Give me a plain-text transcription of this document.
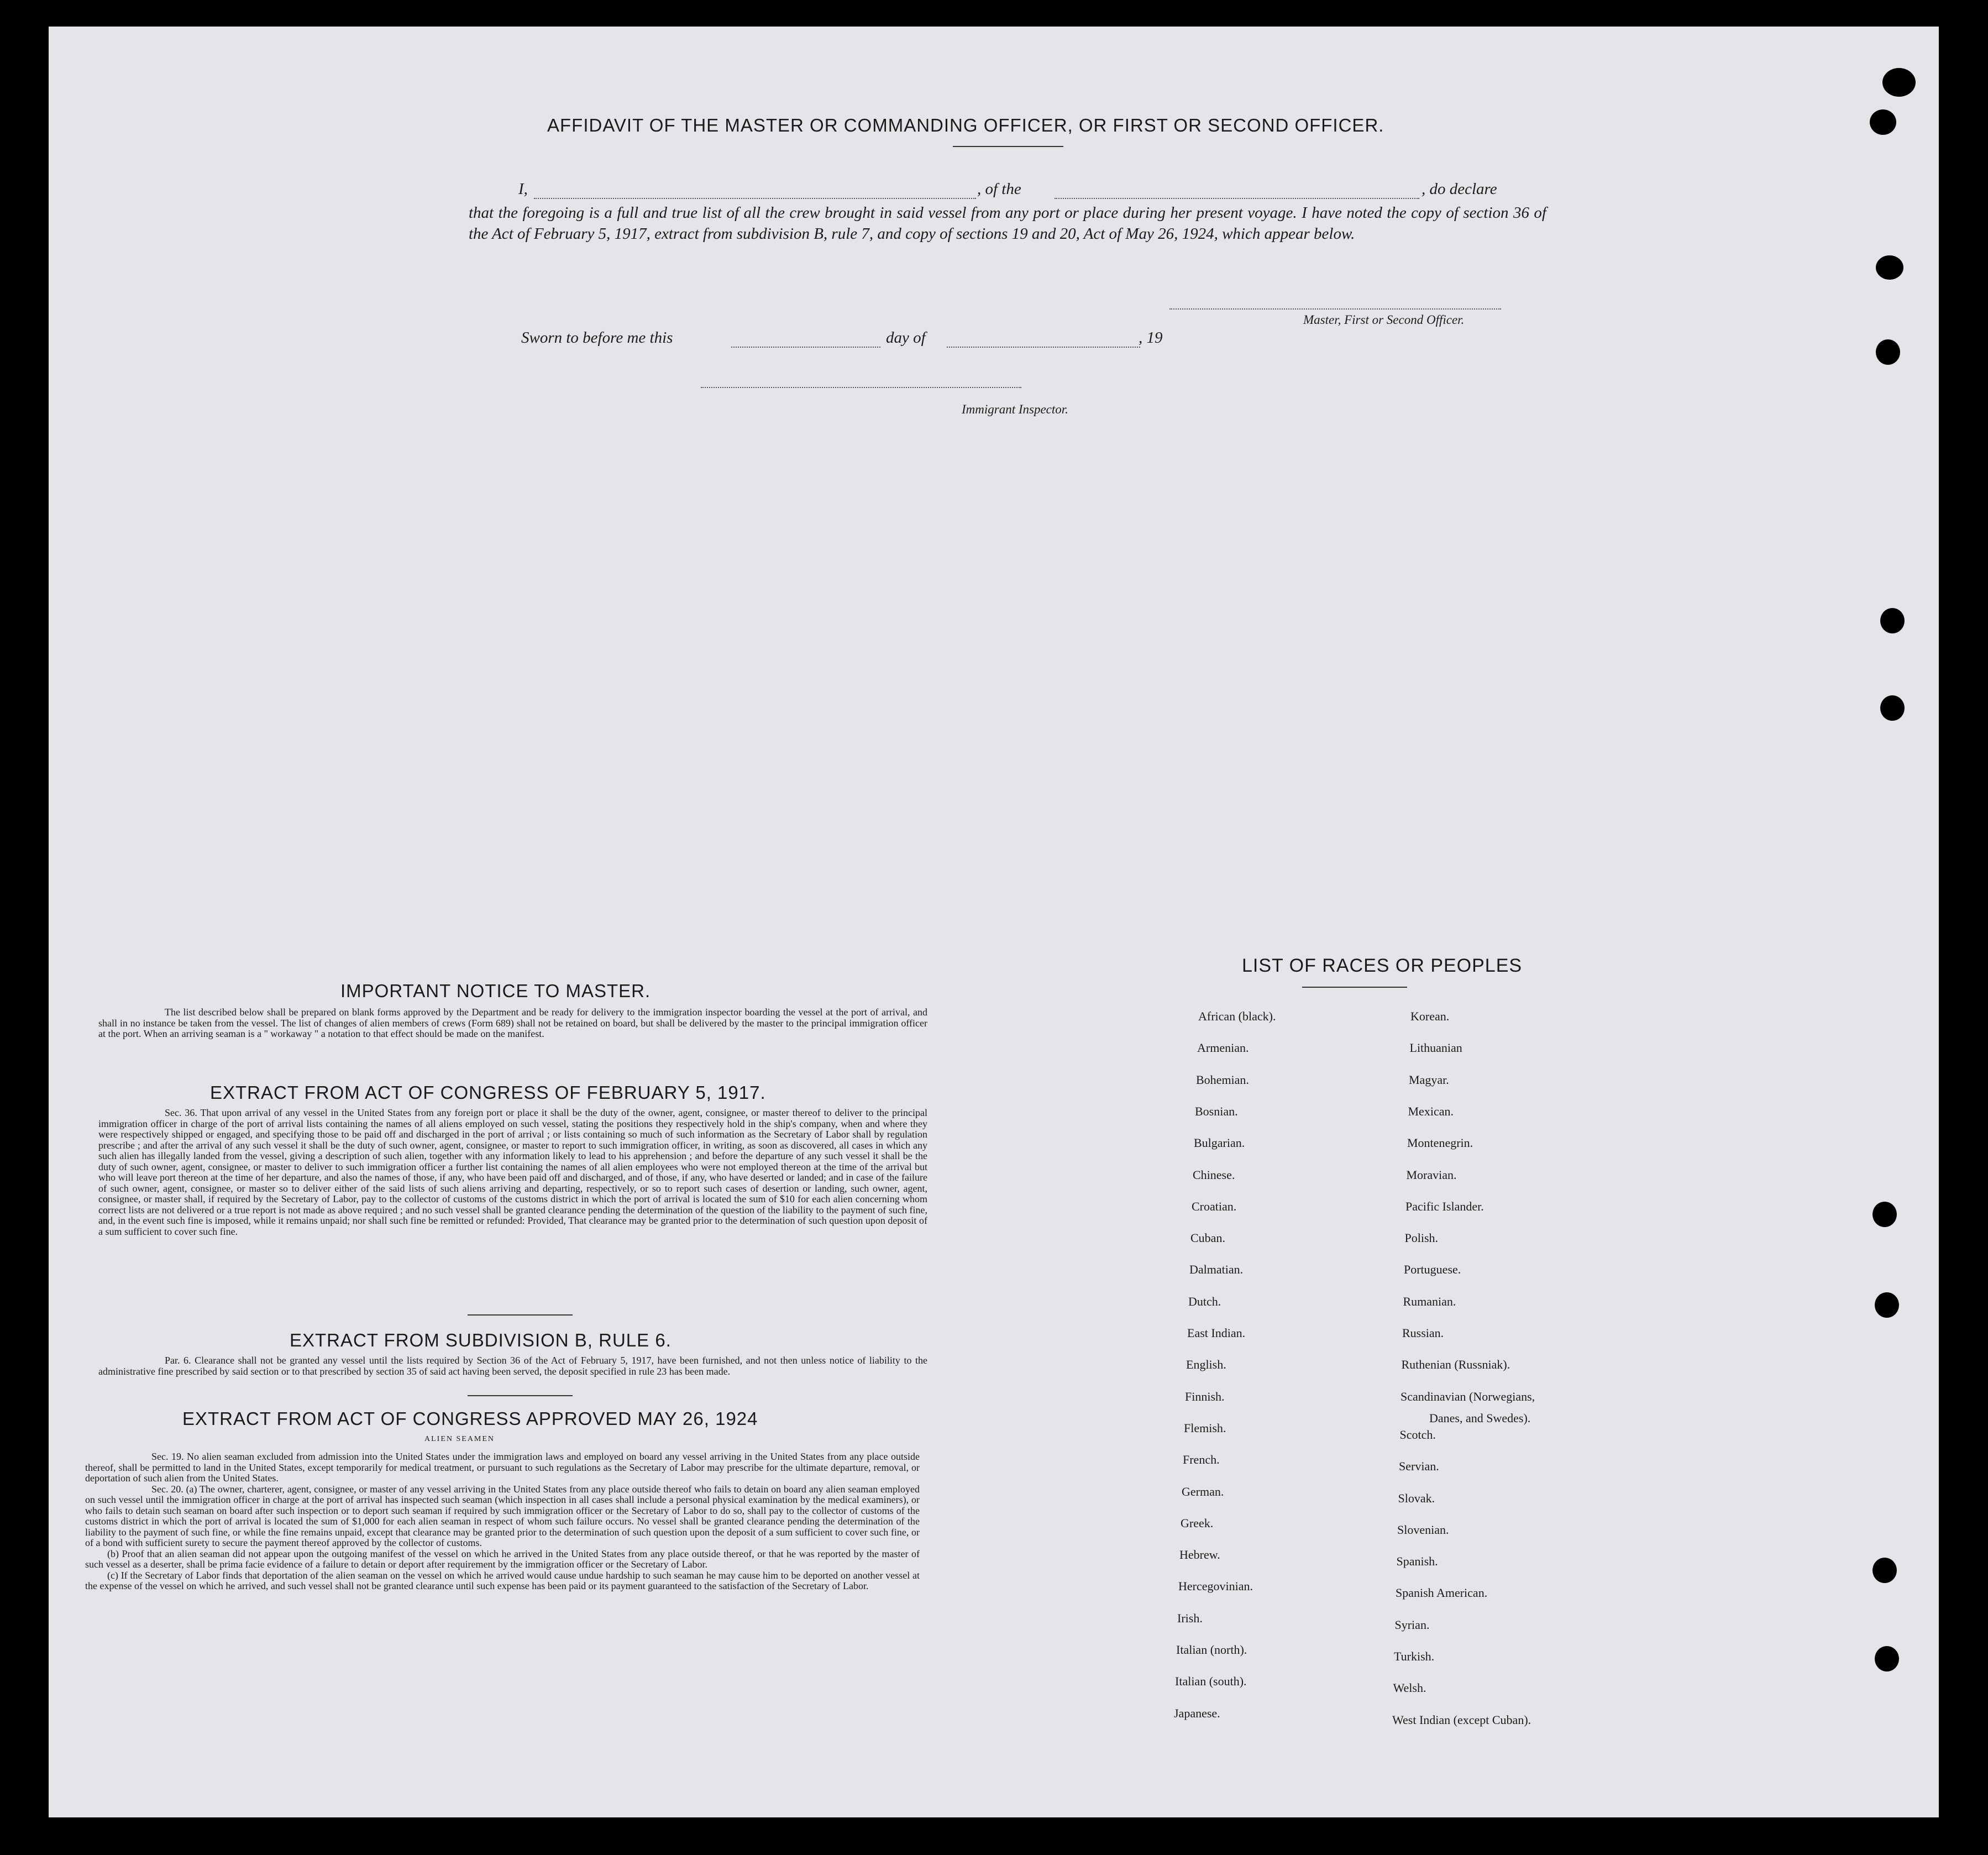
AFFIDAVIT OF THE MASTER OR COMMANDING OFFICER, OR FIRST OR SECOND OFFICER.
I,	, of the	, do declare
that the foregoing is a full and true list of all the crew brought in said vessel from any port or place during her present voyage. I have noted the copy of section 36 of the Act of February 5, 1917, extract from subdivision B, rule 7, and copy of sections 19 and 20, Act of May 26, 1924, which appear below.
Master, First or Second Officer.
Sworn to before me this	day of	, 19
Immigrant Inspector.
IMPORTANT NOTICE TO MASTER.
The list described below shall be prepared on blank forms approved by the Department and be ready for delivery to the immigration inspector boarding the vessel at the port of arrival, and shall in no instance be taken from the vessel. The list of changes of alien members of crews (Form 689) shall not be retained on board, but shall be delivered by the master to the principal immigration officer at the port. When an arriving seaman is a " workaway " a notation to that effect should be made on the manifest.
EXTRACT FROM ACT OF CONGRESS OF FEBRUARY 5, 1917.
Sec. 36. That upon arrival of any vessel in the United States from any foreign port or place it shall be the duty of the owner, agent, consignee, or master thereof to deliver to the principal immigration officer in charge of the port of arrival lists containing the names of all aliens employed on such vessel, stating the positions they respectively hold in the ship's company, when and where they were respectively shipped or engaged, and specifying those to be paid off and discharged in the port of arrival ; or lists containing so much of such information as the Secretary of Labor shall by regulation prescribe ; and after the arrival of any such vessel it shall be the duty of such owner, agent, consignee, or master to report to such immigration officer, in writing, as soon as discovered, all cases in which any such alien has illegally landed from the vessel, giving a description of such alien, together with any information likely to lead to his apprehension ; and before the departure of any such vessel it shall be the duty of such owner, agent, consignee, or master to deliver to such immigration officer a further list containing the names of all alien employees who were not employed thereon at the time of the arrival but who will leave port thereon at the time of her departure, and also the names of those, if any, who have been paid off and discharged, and of those, if any, who have deserted or landed; and in case of the failure of such owner, agent, consignee, or master so to deliver either of the said lists of such aliens arriving and departing, respectively, or so to report such cases of desertion or landing, such owner, agent, consignee, or master shall, if required by the Secretary of Labor, pay to the collector of customs of the customs district in which the port of arrival is located the sum of $10 for each alien concerning whom correct lists are not delivered or a true report is not made as above required ; and no such vessel shall be granted clearance pending the determination of the question of the liability to the payment of such fine, and, in the event such fine is imposed, while it remains unpaid; nor shall such fine be remitted or refunded: Provided, That clearance may be granted prior to the determination of such question upon deposit of a sum sufficient to cover such fine.
EXTRACT FROM SUBDIVISION B, RULE 6.
Par. 6. Clearance shall not be granted any vessel until the lists required by Section 36 of the Act of February 5, 1917, have been furnished, and not then unless notice of liability to the administrative fine prescribed by said section or to that prescribed by section 35 of said act having been served, the deposit specified in rule 23 has been made.
EXTRACT FROM ACT OF CONGRESS APPROVED MAY 26, 1924
ALIEN SEAMEN

Sec. 19. No alien seaman excluded from admission into the United States under the immigration laws and employed on board any vessel arriving in the United States from any place outside thereof, shall be permitted to land in the United States, except temporarily for medical treatment, or pursuant to such regulations as the Secretary of Labor may prescribe for the ultimate departure, removal, or deportation of such alien from the United States.

Sec. 20. (a) The owner, charterer, agent, consignee, or master of any vessel arriving in the United States from any place outside thereof who fails to detain on board any alien seaman employed on such vessel until the immigration officer in charge at the port of arrival has inspected such seaman (which inspection in all cases shall include a personal physical examination by the medical examiners), or who fails to detain such seaman on board after such inspection or to deport such seaman if required by such immigration officer or the Secretary of Labor to do so, shall pay to the collector of customs of the customs district in which the port of arrival is located the sum of $1,000 for each alien seaman in respect of whom such failure occurs. No vessel shall be granted clearance pending the determination of the liability to the payment of such fine, or while the fine remains unpaid, except that clearance may be granted prior to the determination of such question upon the deposit of a sum sufficient to cover such fine, or of a bond with sufficient surety to secure the payment thereof approved by the collector of customs.

(b) Proof that an alien seaman did not appear upon the outgoing manifest of the vessel on which he arrived in the United States from any place outside thereof, or that he was reported by the master of such vessel as a deserter, shall be prima facie evidence of a failure to detain or deport after requirement by the immigration officer or the Secretary of Labor.

(c) If the Secretary of Labor finds that deportation of the alien seaman on the vessel on which he arrived would cause undue hardship to such seaman he may cause him to be deported on another vessel at the expense of the vessel on which he arrived, and such vessel shall not be granted clearance until such expense has been paid or its payment guaranteed to the satisfaction of the Secretary of Labor.

LIST OF RACES OR PEOPLES
African (black).
Armenian.
Bohemian.
Bosnian.
Bulgarian.
Chinese.
Croatian.
Cuban.
Dalmatian.
Dutch.
East Indian.
English.
Finnish.
Flemish.
French.
German.
Greek.
Hebrew.
Hercegovinian.
Irish.
Italian (north).
Italian (south).
Japanese.
Korean.
Lithuanian
Magyar.
Mexican.
Montenegrin.
Moravian.
Pacific Islander.
Polish.
Portuguese.
Rumanian.
Russian.
Ruthenian (Russniak).
Scandinavian (Norwegians,
Scotch.
Servian.
Slovak.
Slovenian.
Spanish.
Spanish American.
Syrian.
Turkish.
Welsh.
West Indian (except Cuban).
Danes, and Swedes).
